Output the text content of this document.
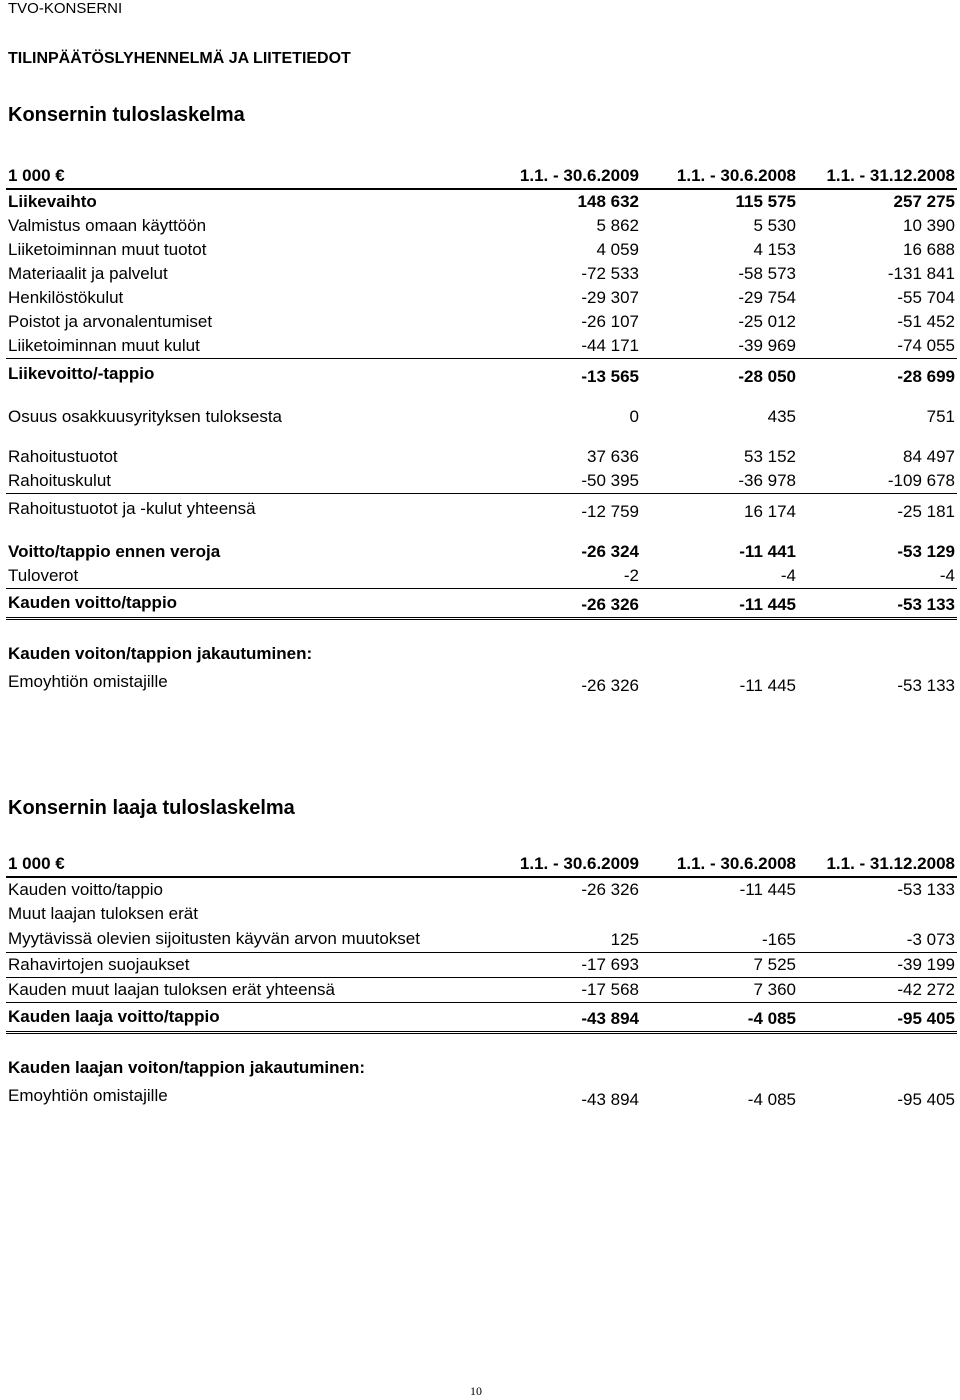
TVO-KONSERNI
TILINPÄÄTÖSLYHENNELMÄ JA LIITETIEDOT
Konsernin tuloslaskelma
1 000 €	1.1. - 30.6.2009	1.1. - 30.6.2008	1.1. - 31.12.2008
Liikevaihto	148 632	115 575	257 275
Valmistus omaan käyttöön	5 862	5 530	10 390
Liiketoiminnan muut tuotot	4 059	4 153	16 688
Materiaalit ja palvelut	-72 533	-58 573	-131 841
Henkilöstökulut	-29 307	-29 754	-55 704
Poistot ja arvonalentumiset	-26 107	-25 012	-51 452
Liiketoiminnan muut kulut	-44 171	-39 969	-74 055
Liikevoitto/-tappio	-13 565	-28 050	-28 699

Osuus osakkuusyrityksen tuloksesta	0	435	751

Rahoitustuotot	37 636	53 152	84 497
Rahoituskulut	-50 395	-36 978	-109 678
Rahoitustuotot ja -kulut yhteensä	-12 759	16 174	-25 181

Voitto/tappio ennen veroja	-26 324	-11 441	-53 129
Tuloverot	-2	-4	-4
Kauden voitto/tappio	-26 326	-11 445	-53 133

Kauden voiton/tappion jakautuminen:			
Emoyhtiön omistajille	-26 326	-11 445	-53 133
Konsernin laaja tuloslaskelma
1 000 €	1.1. - 30.6.2009	1.1. - 30.6.2008	1.1. - 31.12.2008
Kauden voitto/tappio	-26 326	-11 445	-53 133
Muut laajan tuloksen erät			
Myytävissä olevien sijoitusten käyvän arvon muutokset	125	-165	-3 073
Rahavirtojen suojaukset	-17 693	7 525	-39 199
Kauden muut laajan tuloksen erät yhteensä	-17 568	7 360	-42 272
Kauden laaja voitto/tappio	-43 894	-4 085	-95 405

Kauden laajan voiton/tappion jakautuminen:			
Emoyhtiön omistajille	-43 894	-4 085	-95 405
10
